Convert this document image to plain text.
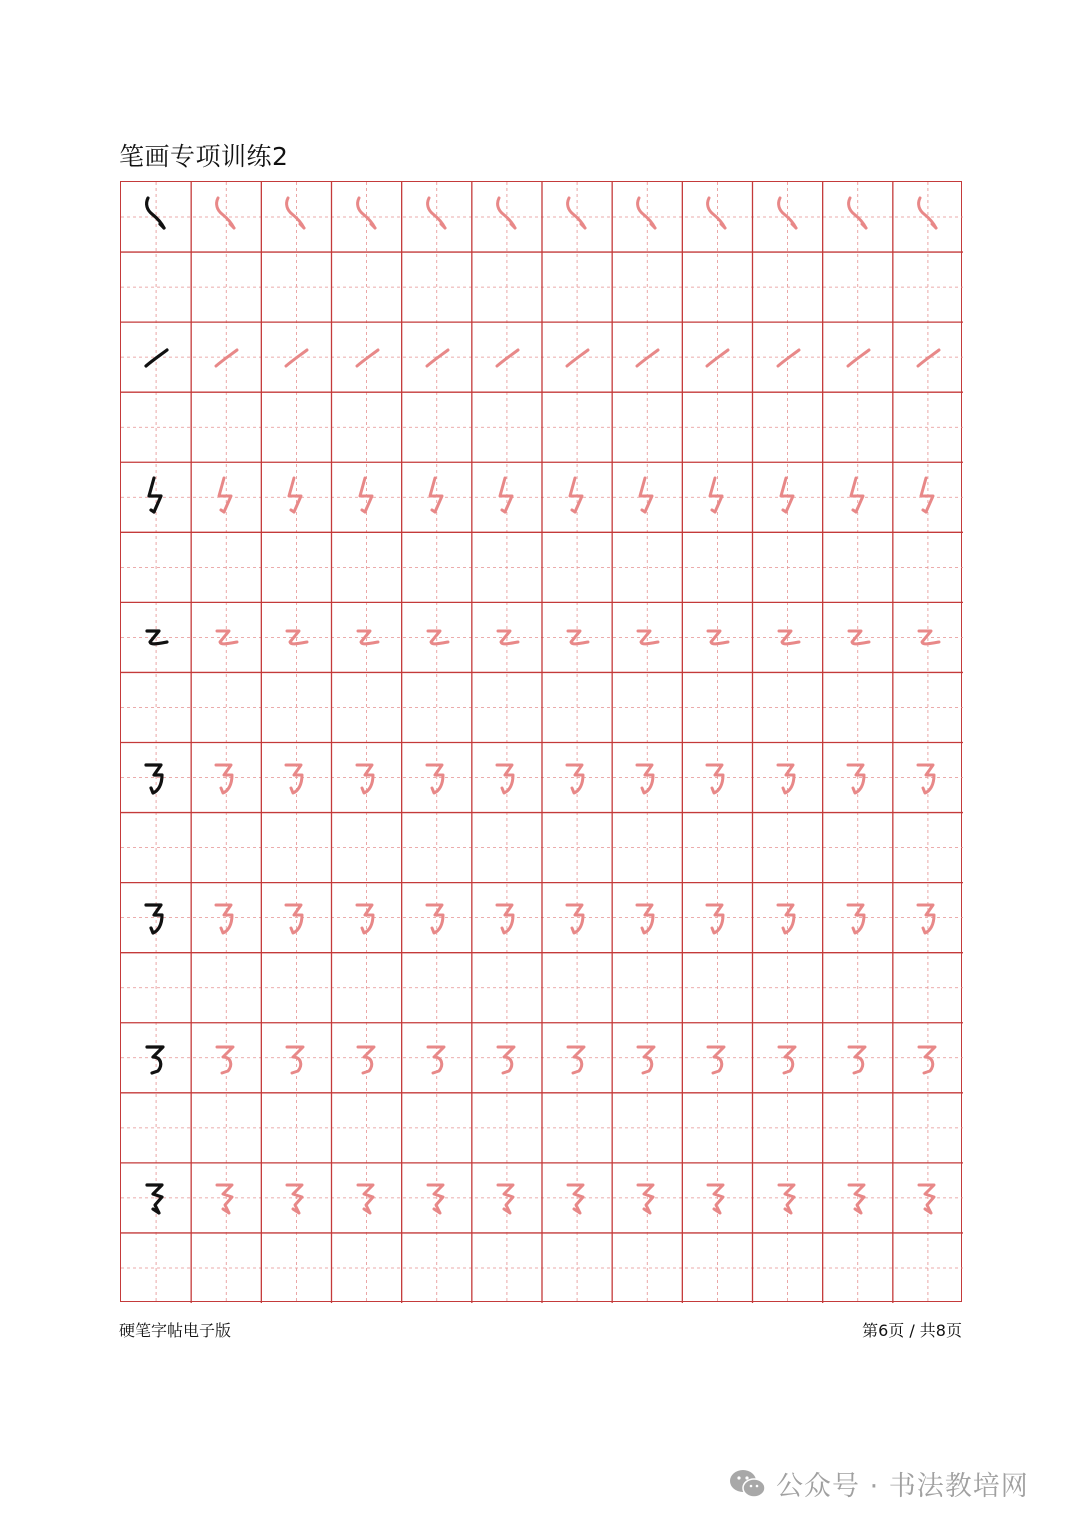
笔画专项训练2
硬笔字帖电子版	第6页 / 共8页
公众号 · 书法教培网
